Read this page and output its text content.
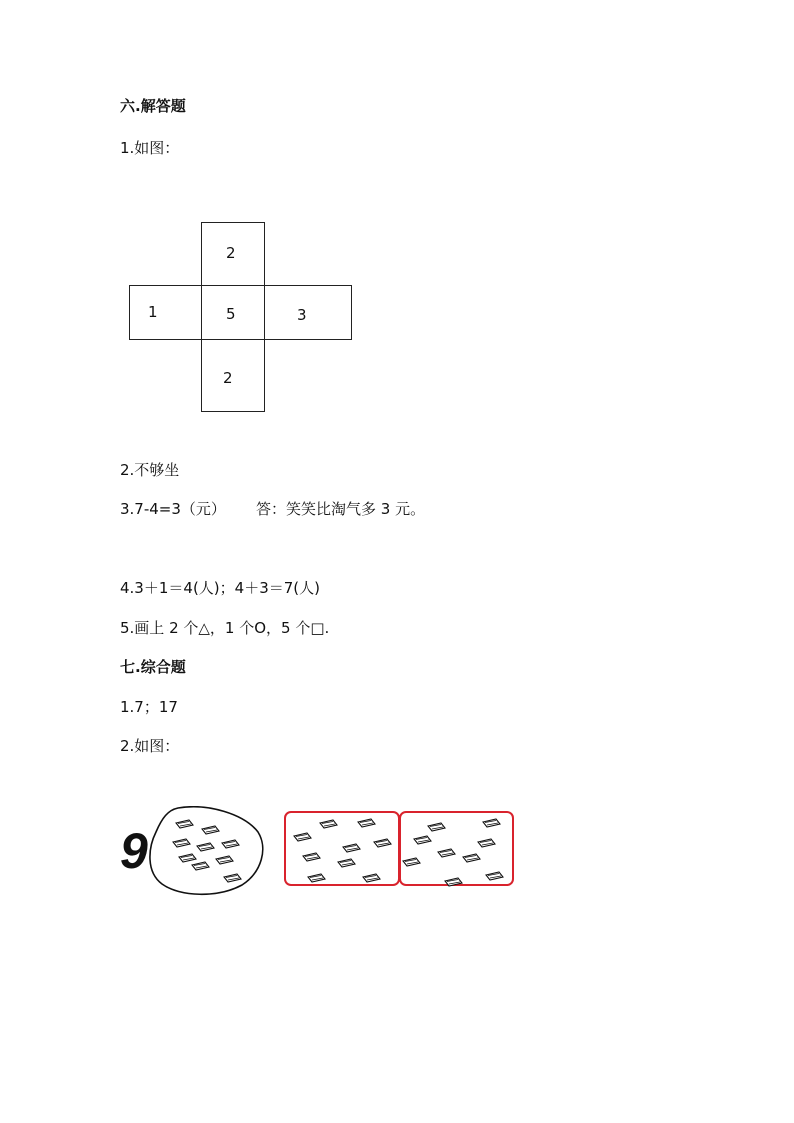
六.解答题
1.如图：
2
1	5	3
2
2.不够坐
3.7-4=3（元） 答：笑笑比淘气多 3 元。
4.3＋1＝4(人)；4＋3＝7(人)
5.画上 2 个△，1 个O，5 个□.
七.综合题
1.7；17
2.如图：
9
